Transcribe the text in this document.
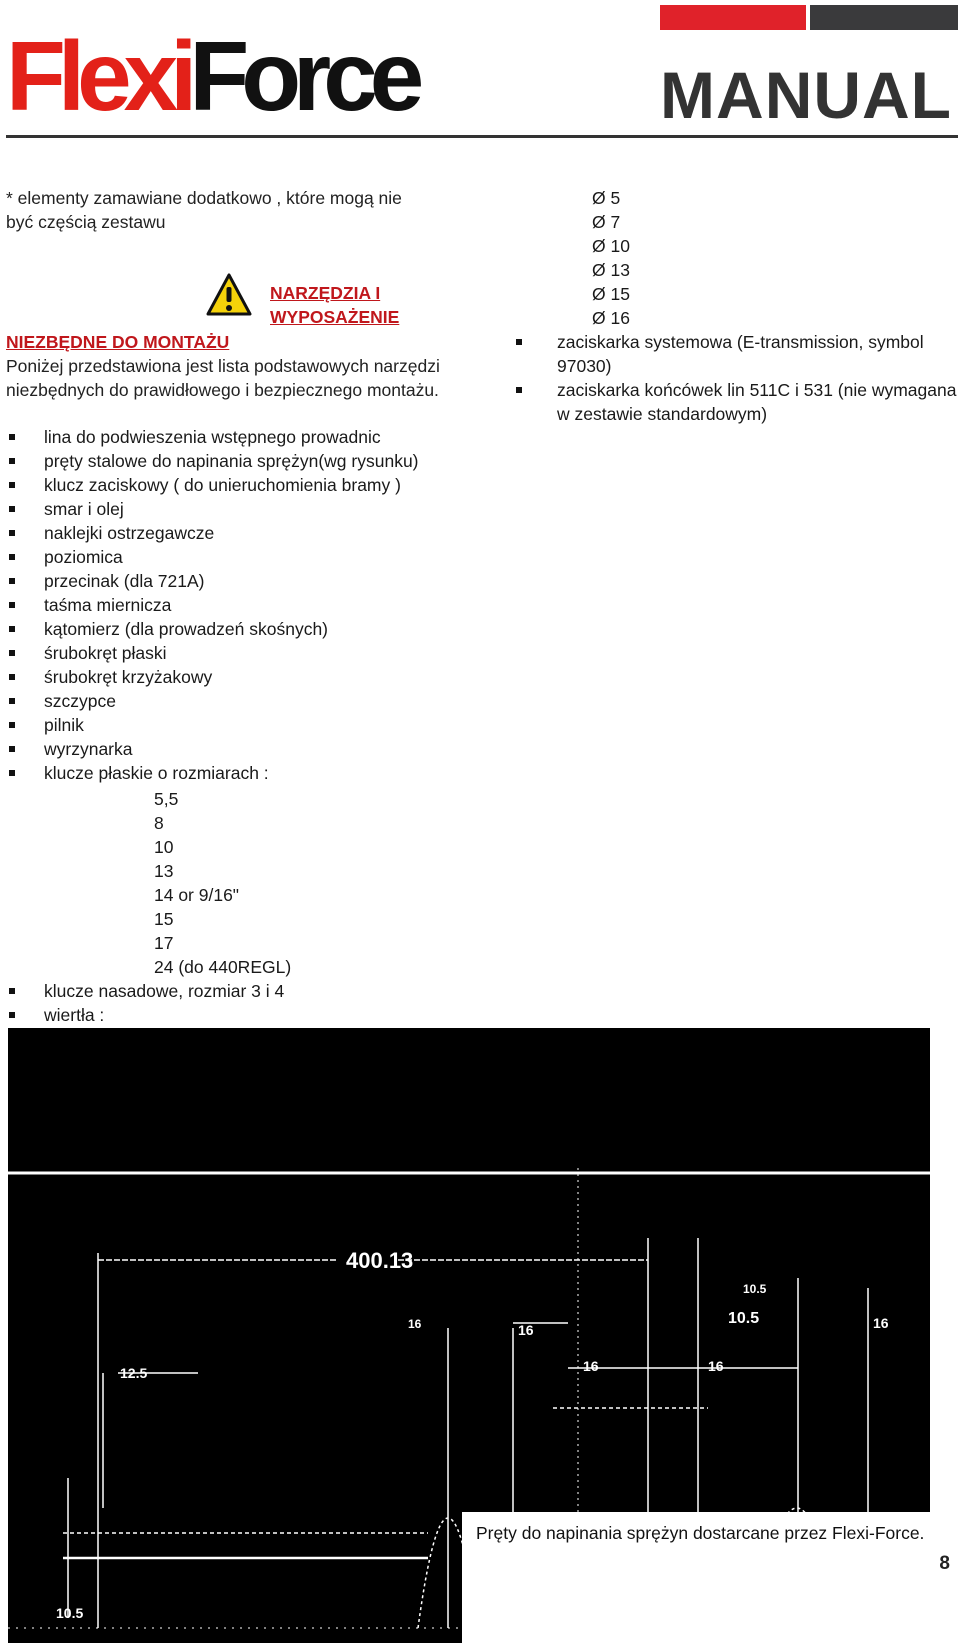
FlexiForce	MANUAL
* elementy zamawiane dodatkowo , które mogą nie być częścią zestawu
NARZĘDZIA I WYPOSAŻENIE
NIEZBĘDNE DO MONTAŻU
Poniżej przedstawiona jest lista podstawowych narzędzi niezbędnych do prawidłowego i bezpiecznego montażu.
lina do podwieszenia wstępnego prowadnic
pręty stalowe do napinania sprężyn(wg rysunku)
klucz zaciskowy ( do unieruchomienia bramy )
smar i olej
naklejki ostrzegawcze
poziomica
przecinak (dla 721A)
taśma miernicza
kątomierz (dla prowadzeń skośnych)
śrubokręt płaski
śrubokręt krzyżakowy
szczypce
pilnik
wyrzynarka
klucze płaskie o rozmiarach :
5,5
8
10
13
14 or 9/16"
15
17
24 (do 440REGL)
klucze nasadowe, rozmiar 3 i 4
wiertła :
Ø 5
Ø 7
Ø 10
Ø 13
Ø 15
Ø 16
zaciskarka systemowa (E-transmission, symbol 97030)
zaciskarka końcówek lin 511C i 531 (nie wymagana w zestawie standardowym)
400.13
12.5
16
16
10.5
16
16
10.5
16
10.5
Pręty do napinania sprężyn dostarcane przez Flexi-Force.
8
